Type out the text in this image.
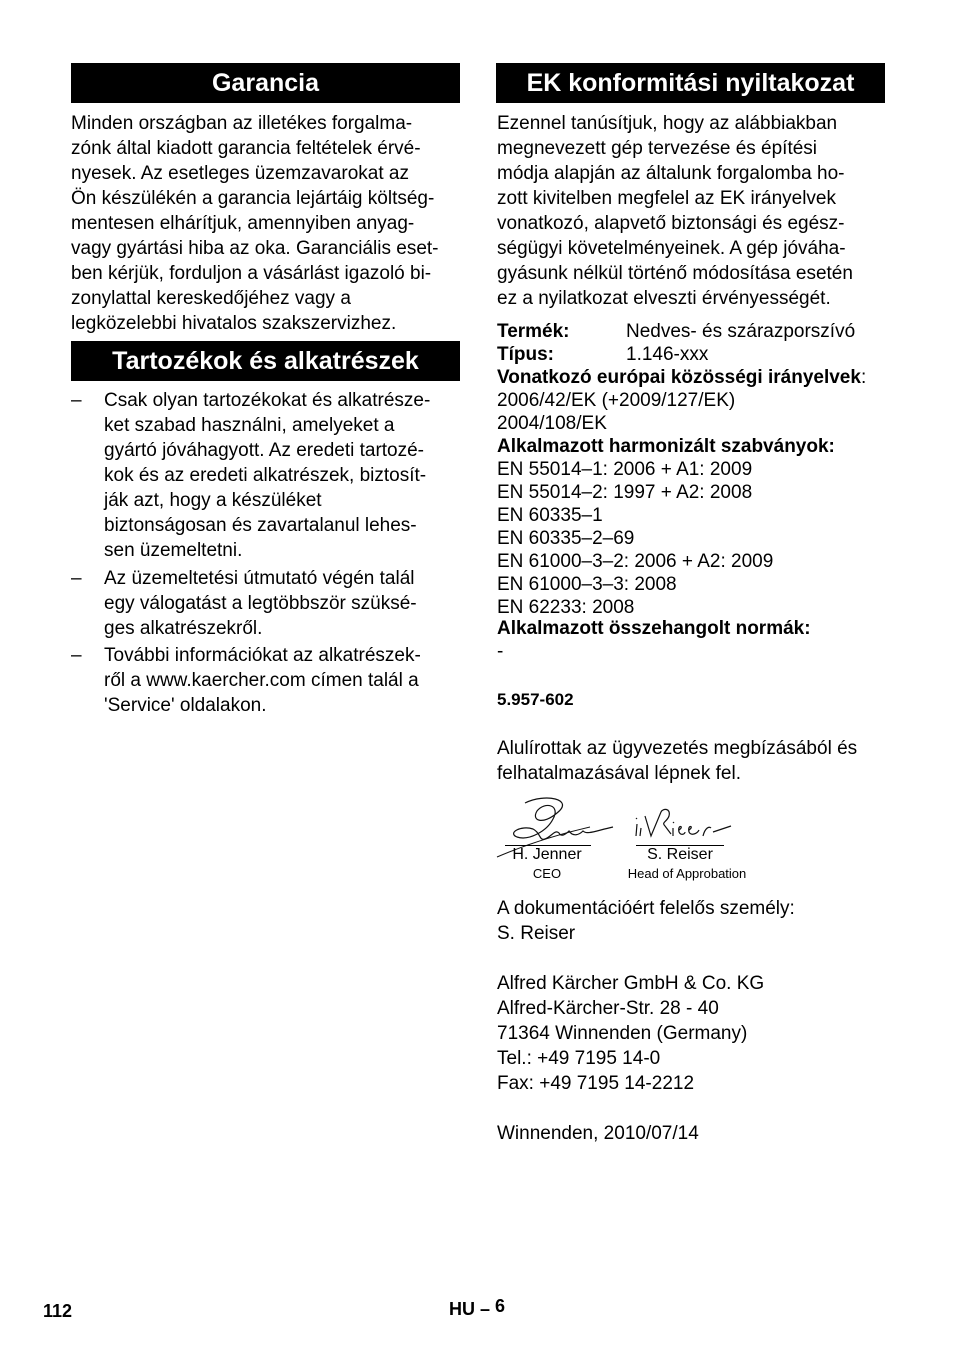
Garancia
Minden országban az illetékes forgalma-
zónk által kiadott garancia feltételek érvé-
nyesek. Az esetleges üzemzavarokat az
Ön készülékén a garancia lejártáig költség-
mentesen elhárítjuk, amennyiben anyag-
vagy gyártási hiba az oka. Garanciális eset-
ben kérjük, forduljon a vásárlást igazoló bi-
zonylattal kereskedőjéhez vagy a
legközelebbi hivatalos szakszervizhez.
Tartozékok és alkatrészek
– Csak olyan tartozékokat és alkatrésze-
ket szabad használni, amelyeket a
gyártó jóváhagyott. Az eredeti tartozé-
kok és az eredeti alkatrészek, biztosít-
ják azt, hogy a készüléket
biztonságosan és zavartalanul lehes-
sen üzemeltetni.
– Az üzemeltetési útmutató végén talál
egy válogatást a legtöbbször szüksé-
ges alkatrészekről.
– További információkat az alkatrészek-
ről a www.kaercher.com címen talál a
'Service' oldalakon.
EK konformitási nyiltakozat
Ezennel tanúsítjuk, hogy az alábbiakban
megnevezett gép tervezése és építési
módja alapján az általunk forgalomba ho-
zott kivitelben megfelel az EK irányelvek
vonatkozó, alapvető biztonsági és egész-
ségügyi követelményeinek. A gép jóváha-
gyásunk nélkül történő módosítása esetén
ez a nyilatkozat elveszti érvényességét.
Termék:	Nedves- és szárazporszívó
Típus:	1.146-xxx
Vonatkozó európai közösségi irányelvek:
2006/42/EK (+2009/127/EK)
2004/108/EK
Alkalmazott harmonizált szabványok:
EN 55014–1: 2006 + A1: 2009
EN 55014–2: 1997 + A2: 2008
EN 60335–1
EN 60335–2–69
EN 61000–3–2: 2006 + A2: 2009
EN 61000–3–3: 2008
EN 62233: 2008
Alkalmazott összehangolt normák:
-
5.957-602
Alulírottak az ügyvezetés megbízásából és
felhatalmazásával lépnek fel.
H. Jenner
CEO
S. Reiser
Head of Approbation
A dokumentációért felelős személy:
S. Reiser
Alfred Kärcher GmbH & Co. KG
Alfred-Kärcher-Str. 28 - 40
71364 Winnenden (Germany)
Tel.: +49 7195 14-0
Fax: +49 7195 14-2212
Winnenden, 2010/07/14
112	HU – 6
